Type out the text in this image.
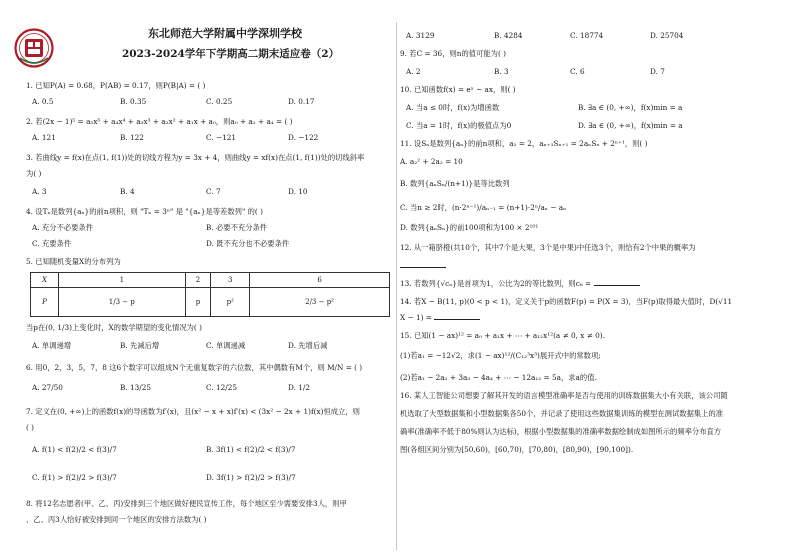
东北师范大学附属中学深圳学校
2023-2024学年下学期高二期末适应卷（2）
1. 已知P(A) = 0.68，P(AB) = 0.17，则P(B|A) = ( )
A. 0.5	B. 0.35	C. 0.25	D. 0.17
2. 若(2x − 1)⁵ = a₅x⁵ + a₄x⁴ + a₃x³ + a₂x² + a₁x + a₀，则a₀ + a₂ + a₄ = ( )
A. 121	B. 122	C. −121	D. −122
3. 若曲线y = f(x)在点(1, f(1))处的切线方程为y = 3x + 4，则曲线y = xf(x)在点(1, f(1))处的切线斜率
为( )
A. 3	B. 4	C. 7	D. 10
4. 设Tₙ是数列{aₙ}的前n项积，则 "Tₙ = 3ⁿ" 是 "{aₙ}是等差数列" 的( )
A. 充分不必要条件	B. 必要不充分条件
C. 充要条件	D. 既不充分也不必要条件
5. 已知随机变量X的分布列为
X	1	2	3	6
P	1/3 − p	p	p²	2/3 − p²
当p在(0, 1/3)上变化时，X的数学期望的变化情况为( )
A. 单调递增	B. 先减后增	C. 单调递减	D. 先增后减
6. 用0，2，3，5，7，8 这6个数字可以组成N个无重复数字的六位数，其中偶数有M个，则 M/N = ( )
A. 27/50	B. 13/25	C. 12/25	D. 1/2
7. 定义在(0, +∞)上的函数f(x)的导函数为f′(x)，且(x² − x + x)f′(x) < (3x² − 2x + 1)f(x)恒成立，则
( )
A. f(1) < f(2)/2 < f(3)/7	B. 3f(1) < f(2)/2 < f(3)/7
C. f(1) > f(2)/2 > f(3)/7	D. 3f(1) > f(2)/2 > f(3)/7
8. 将12名志愿者(甲、乙、丙)安排到三个地区做好便民宣传工作，每个地区至少需要安排3人，则甲
、乙、丙3人恰好被安排到同一个地区的安排方法数为( )
A. 3129	B. 4284	C. 18774	D. 25704
9. 若C = 36，则n的值可能为( )
A. 2	B. 3	C. 6	D. 7
10. 已知函数f(x) = eˣ − ax，则( )
A. 当a ≤ 0时，f(x)为增函数	B. ∃a ∈ (0, +∞)，f(x)min = a
C. 当a = 1时，f(x)的极值点为0	D. ∃a ∈ (0, +∞)，f(x)min = a
11. 设Sₙ是数列{aₙ}的前n项和，a₁ = 2，aₙ₊₁Sₙ₊₁ = 2aₙSₙ + 2ⁿ⁺¹，则( )
A. a₂² + 2a₂ = 10
B. 数列{aₙSₙ/(n+1)}是等比数列
C. 当n ≥ 2时，(n·2ⁿ⁻¹)/aₙ₋₁ = (n+1)·2ⁿ/aₙ − aₙ
D. 数列{aₙSₙ}的前100项和为100 × 2¹⁰¹
12. 从一箱脐橙(共10个，其中7个是大果，3个是中果)中任选3个，则恰有2个中果的概率为
13. 若数列{√cₙ}是首项为1，公比为2的等比数列，则c₆ =
14. 若X ~ B(11, p)(0 < p < 1)，定义关于p的函数F(p) = P(X = 3)，当F(p)取得最大值时，D(√11
X − 1) =
15. 已知(1 − ax)¹² = a₀ + a₁x + ⋯ + a₁₂x¹²(a ≠ 0, x ≠ 0).
(1)若a₁ = −12√2，求(1 − ax)¹²/(C₁₂³x³)展开式中的常数项;
(2)若a₁ − 2a₂ + 3a₃ − 4a₄ + ⋯ − 12a₁₂ = 5a，求a的值.
16. 某人工智能公司想要了解其开发的语言模型准确率是否与使用的训练数据集大小有关联，该公司随
机选取了大型数据集和小型数据集各50个，并记录了使用这些数据集训练的模型在测试数据集上的准
确率(准确率不低于80%则认为达标)，根据小型数据集的准确率数据绘制成如图所示的频率分布直方
图(各组区间分别为[50,60)，[60,70)，[70,80)，[80,90)，[90,100]).
